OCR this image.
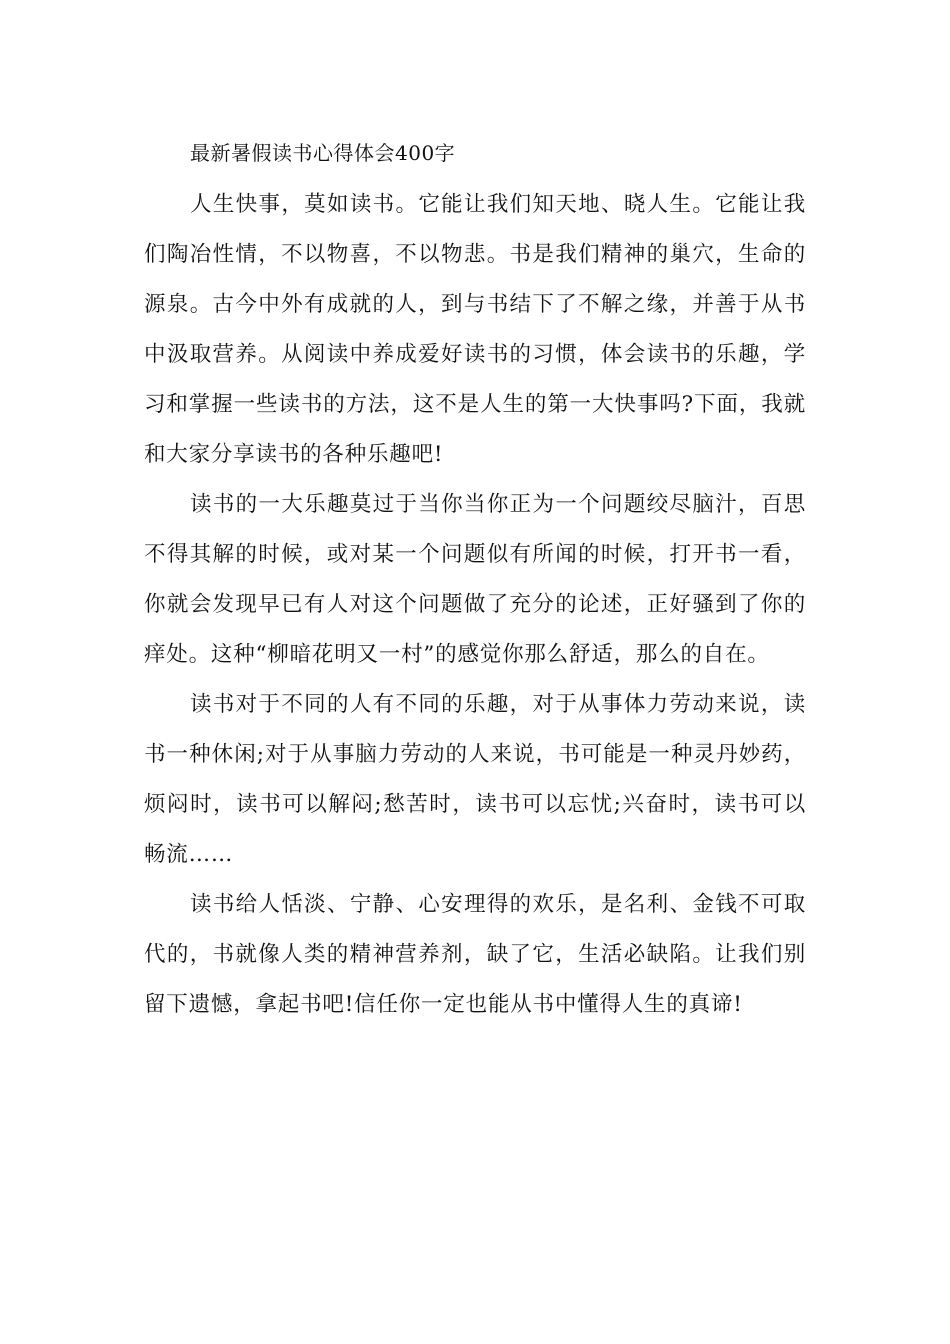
最新暑假读书心得体会400字

人生快事，莫如读书。它能让我们知天地、晓人生。它能让我们陶冶性情，不以物喜，不以物悲。书是我们精神的巢穴，生命的源泉。古今中外有成就的人，到与书结下了不解之缘，并善于从书中汲取营养。从阅读中养成爱好读书的习惯，体会读书的乐趣，学习和掌握一些读书的方法，这不是人生的第一大快事吗?下面，我就和大家分享读书的各种乐趣吧!

读书的一大乐趣莫过于当你当你正为一个问题绞尽脑汁，百思不得其解的时候，或对某一个问题似有所闻的时候，打开书一看，你就会发现早已有人对这个问题做了充分的论述，正好骚到了你的痒处。这种“柳暗花明又一村”的感觉你那么舒适，那么的自在。

读书对于不同的人有不同的乐趣，对于从事体力劳动来说，读书一种休闲;对于从事脑力劳动的人来说，书可能是一种灵丹妙药，烦闷时，读书可以解闷;愁苦时，读书可以忘忧;兴奋时，读书可以畅流……

读书给人恬淡、宁静、心安理得的欢乐，是名利、金钱不可取代的，书就像人类的精神营养剂，缺了它，生活必缺陷。让我们别留下遗憾，拿起书吧!信任你一定也能从书中懂得人生的真谛!
